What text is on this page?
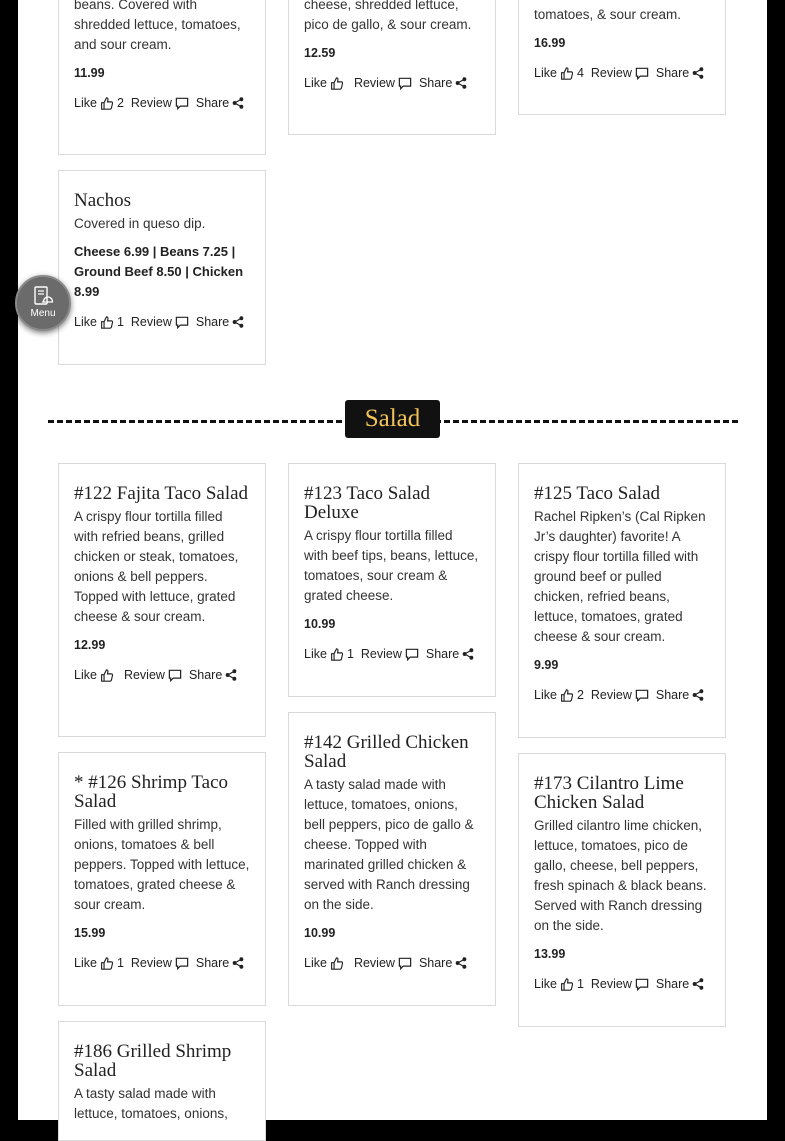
beans. Covered with shredded lettuce, tomatoes, and sour cream.
11.99
Like 2 Review Share
cheese, shredded lettuce, pico de gallo, & sour cream.
12.59
Like Review Share
tomatoes, & sour cream.
16.99
Like 4 Review Share
Nachos
Covered in queso dip.
Cheese 6.99 | Beans 7.25 | Ground Beef 8.50 | Chicken 8.99
Like 1 Review Share
Salad
#122 Fajita Taco Salad
A crispy flour tortilla filled with refried beans, grilled chicken or steak, tomatoes, onions & bell peppers. Topped with lettuce, grated cheese & sour cream.
12.99
Like Review Share
#123 Taco Salad Deluxe
A crispy flour tortilla filled with beef tips, beans, lettuce, tomatoes, sour cream & grated cheese.
10.99
Like 1 Review Share
#125 Taco Salad
Rachel Ripken’s (Cal Ripken Jr’s daughter) favorite! A crispy flour tortilla filled with ground beef or pulled chicken, refried beans, lettuce, tomatoes, grated cheese & sour cream.
9.99
Like 2 Review Share
* #126 Shrimp Taco Salad
Filled with grilled shrimp, onions, tomatoes & bell peppers. Topped with lettuce, tomatoes, grated cheese & sour cream.
15.99
Like 1 Review Share
#142 Grilled Chicken Salad
A tasty salad made with lettuce, tomatoes, onions, bell peppers, pico de gallo & cheese. Topped with marinated grilled chicken & served with Ranch dressing on the side.
10.99
Like Review Share
#173 Cilantro Lime Chicken Salad
Grilled cilantro lime chicken, lettuce, tomatoes, pico de gallo, cheese, bell peppers, fresh spinach & black beans. Served with Ranch dressing on the side.
13.99
Like 1 Review Share
#186 Grilled Shrimp Salad
A tasty salad made with lettuce, tomatoes, onions,
Menu
